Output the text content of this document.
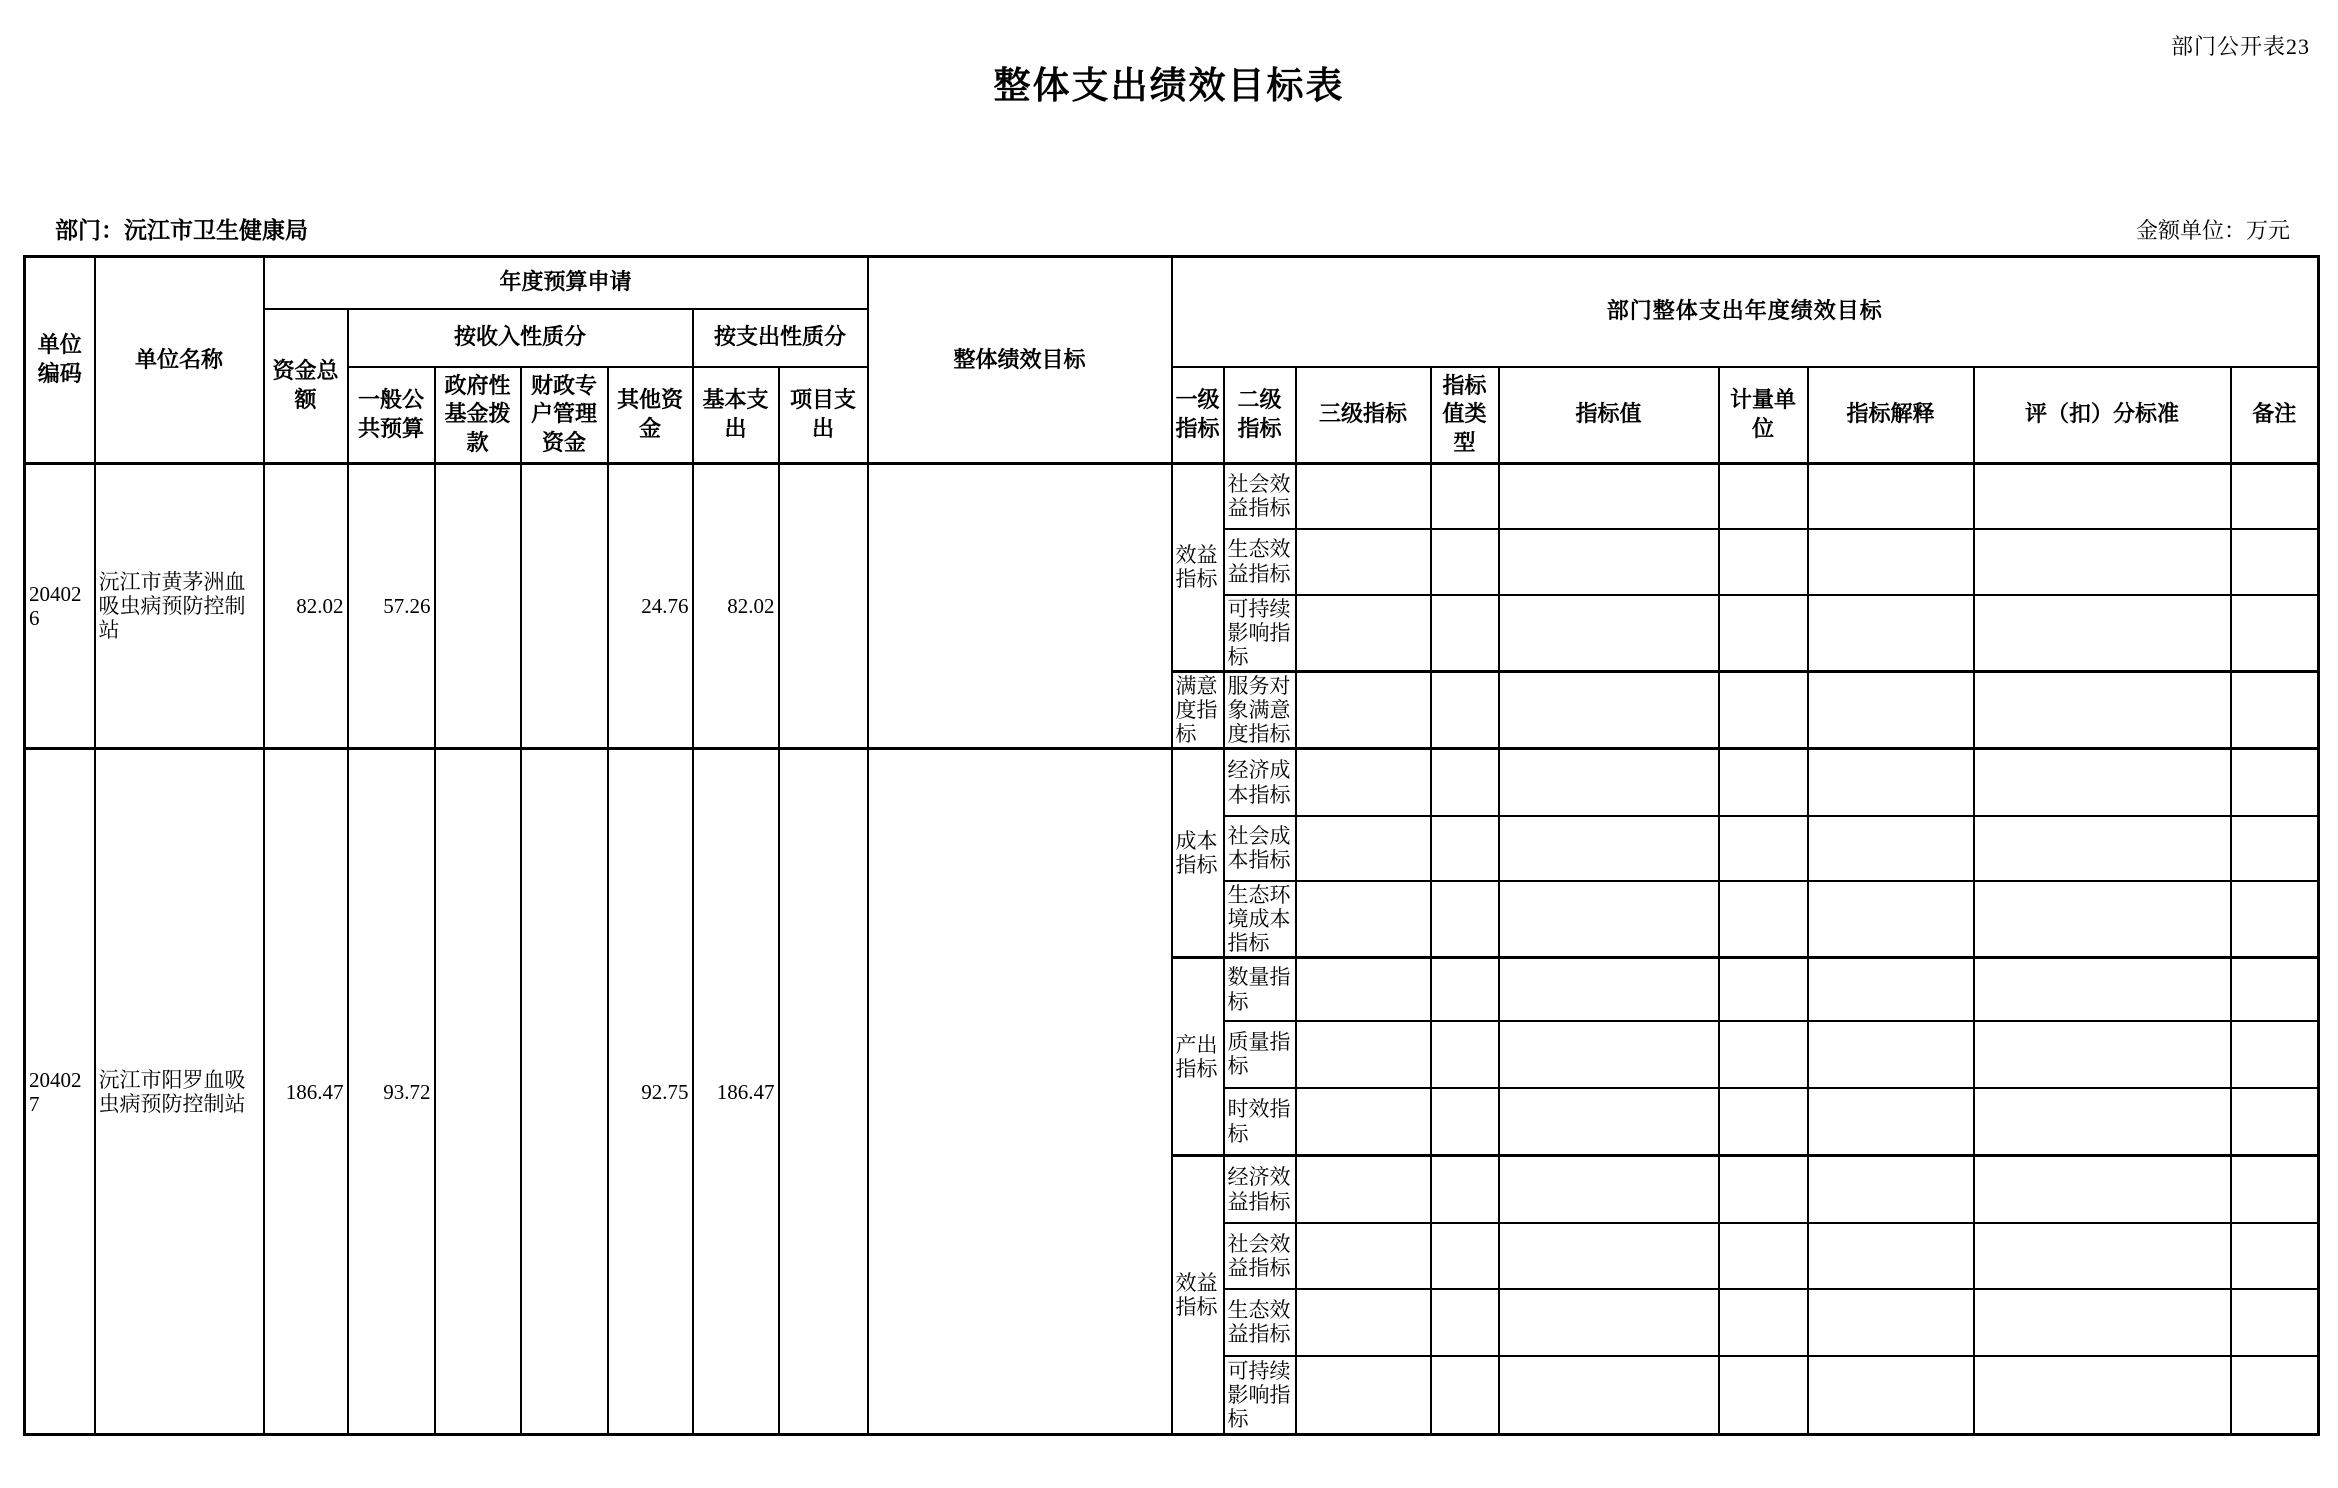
部门公开表23
整体支出绩效目标表
部门：沅江市卫生健康局	金额单位：万元
单位编码	单位名称	年度预算申请							整体绩效目标	部门整体支出年度绩效目标								
		资金总额	按收入性质分				按支出性质分											
			一般公共预算	政府性基金拨款	财政专户管理资金	其他资金	基本支出	项目支出		一级指标	二级指标	三级指标	指标值类型	指标值	计量单位	指标解释	评（扣）分标准	备注
204026	沅江市黄茅洲血吸虫病预防控制站	82.02	57.26			24.76	82.02			效益指标	社会效益指标							
											生态效益指标							
											可持续影响指标							
										满意度指标	服务对象满意度指标							
204027	沅江市阳罗血吸虫病预防控制站	186.47	93.72			92.75	186.47			成本指标	经济成本指标							
											社会成本指标							
											生态环境成本指标							
										产出指标	数量指标							
											质量指标							
											时效指标							
										效益指标	经济效益指标							
											社会效益指标							
											生态效益指标							
											可持续影响指标							
